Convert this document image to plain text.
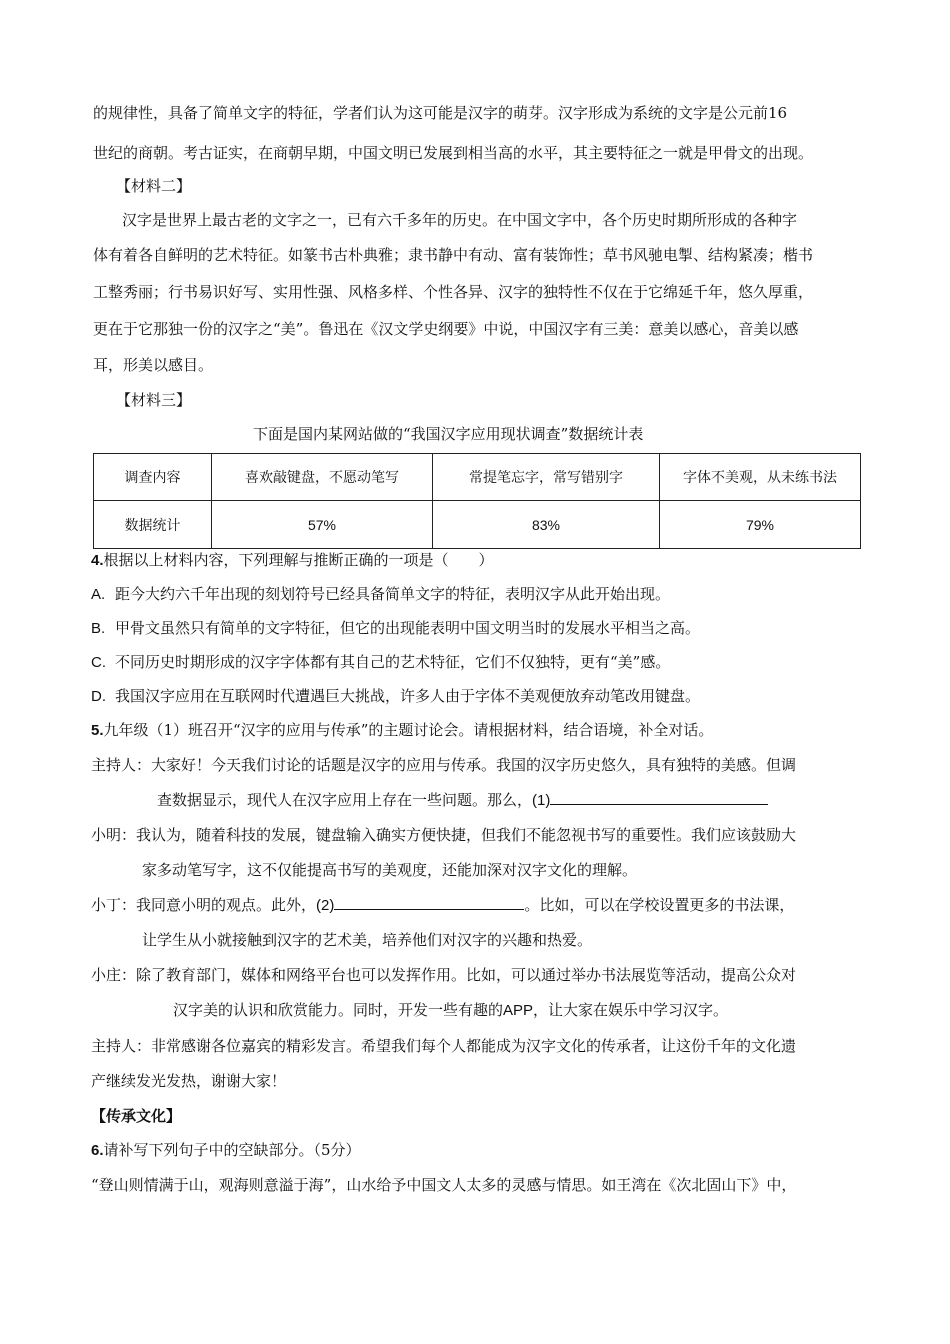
的规律性，具备了简单文字的特征，学者们认为这可能是汉字的萌芽。汉字形成为系统的文字是公元前16
世纪的商朝。考古证实，在商朝早期，中国文明已发展到相当高的水平，其主要特征之一就是甲骨文的出现。
【材料二】
汉字是世界上最古老的文字之一，已有六千多年的历史。在中国文字中，各个历史时期所形成的各种字
体有着各自鲜明的艺术特征。如篆书古朴典雅；隶书静中有动、富有装饰性；草书风驰电掣、结构紧凑；楷书
工整秀丽；行书易识好写、实用性强、风格多样、个性各异、汉字的独特性不仅在于它绵延千年，悠久厚重，
更在于它那独一份的汉字之“美”。鲁迅在《汉文学史纲要》中说，中国汉字有三美：意美以感心，音美以感
耳，形美以感目。
【材料三】
下面是国内某网站做的“我国汉字应用现状调查”数据统计表
调查内容	喜欢敲键盘，不愿动笔写	常提笔忘字，常写错别字	字体不美观，从未练书法
数据统计	57%	83%	79%
4.根据以上材料内容，下列理解与推断正确的一项是（　　）
A. 距今大约六千年出现的刻划符号已经具备简单文字的特征，表明汉字从此开始出现。
B. 甲骨文虽然只有简单的文字特征，但它的出现能表明中国文明当时的发展水平相当之高。
C. 不同历史时期形成的汉字字体都有其自己的艺术特征，它们不仅独特，更有“美”感。
D. 我国汉字应用在互联网时代遭遇巨大挑战，许多人由于字体不美观便放弃动笔改用键盘。
5.九年级（1）班召开“汉字的应用与传承”的主题讨论会。请根据材料，结合语境，补全对话。
主持人：大家好！今天我们讨论的话题是汉字的应用与传承。我国的汉字历史悠久，具有独特的美感。但调
查数据显示，现代人在汉字应用上存在一些问题。那么，(1)
小明：我认为，随着科技的发展，键盘输入确实方便快捷，但我们不能忽视书写的重要性。我们应该鼓励大
家多动笔写字，这不仅能提高书写的美观度，还能加深对汉字文化的理解。
小丁：我同意小明的观点。此外，(2)	。比如，可以在学校设置更多的书法课，
让学生从小就接触到汉字的艺术美，培养他们对汉字的兴趣和热爱。
小庄：除了教育部门，媒体和网络平台也可以发挥作用。比如，可以通过举办书法展览等活动，提高公众对
汉字美的认识和欣赏能力。同时，开发一些有趣的APP，让大家在娱乐中学习汉字。
主持人：非常感谢各位嘉宾的精彩发言。希望我们每个人都能成为汉字文化的传承者，让这份千年的文化遗
产继续发光发热，谢谢大家！
【传承文化】
6.请补写下列句子中的空缺部分。（5分）
“登山则情满于山，观海则意溢于海”，山水给予中国文人太多的灵感与情思。如王湾在《次北固山下》中，
